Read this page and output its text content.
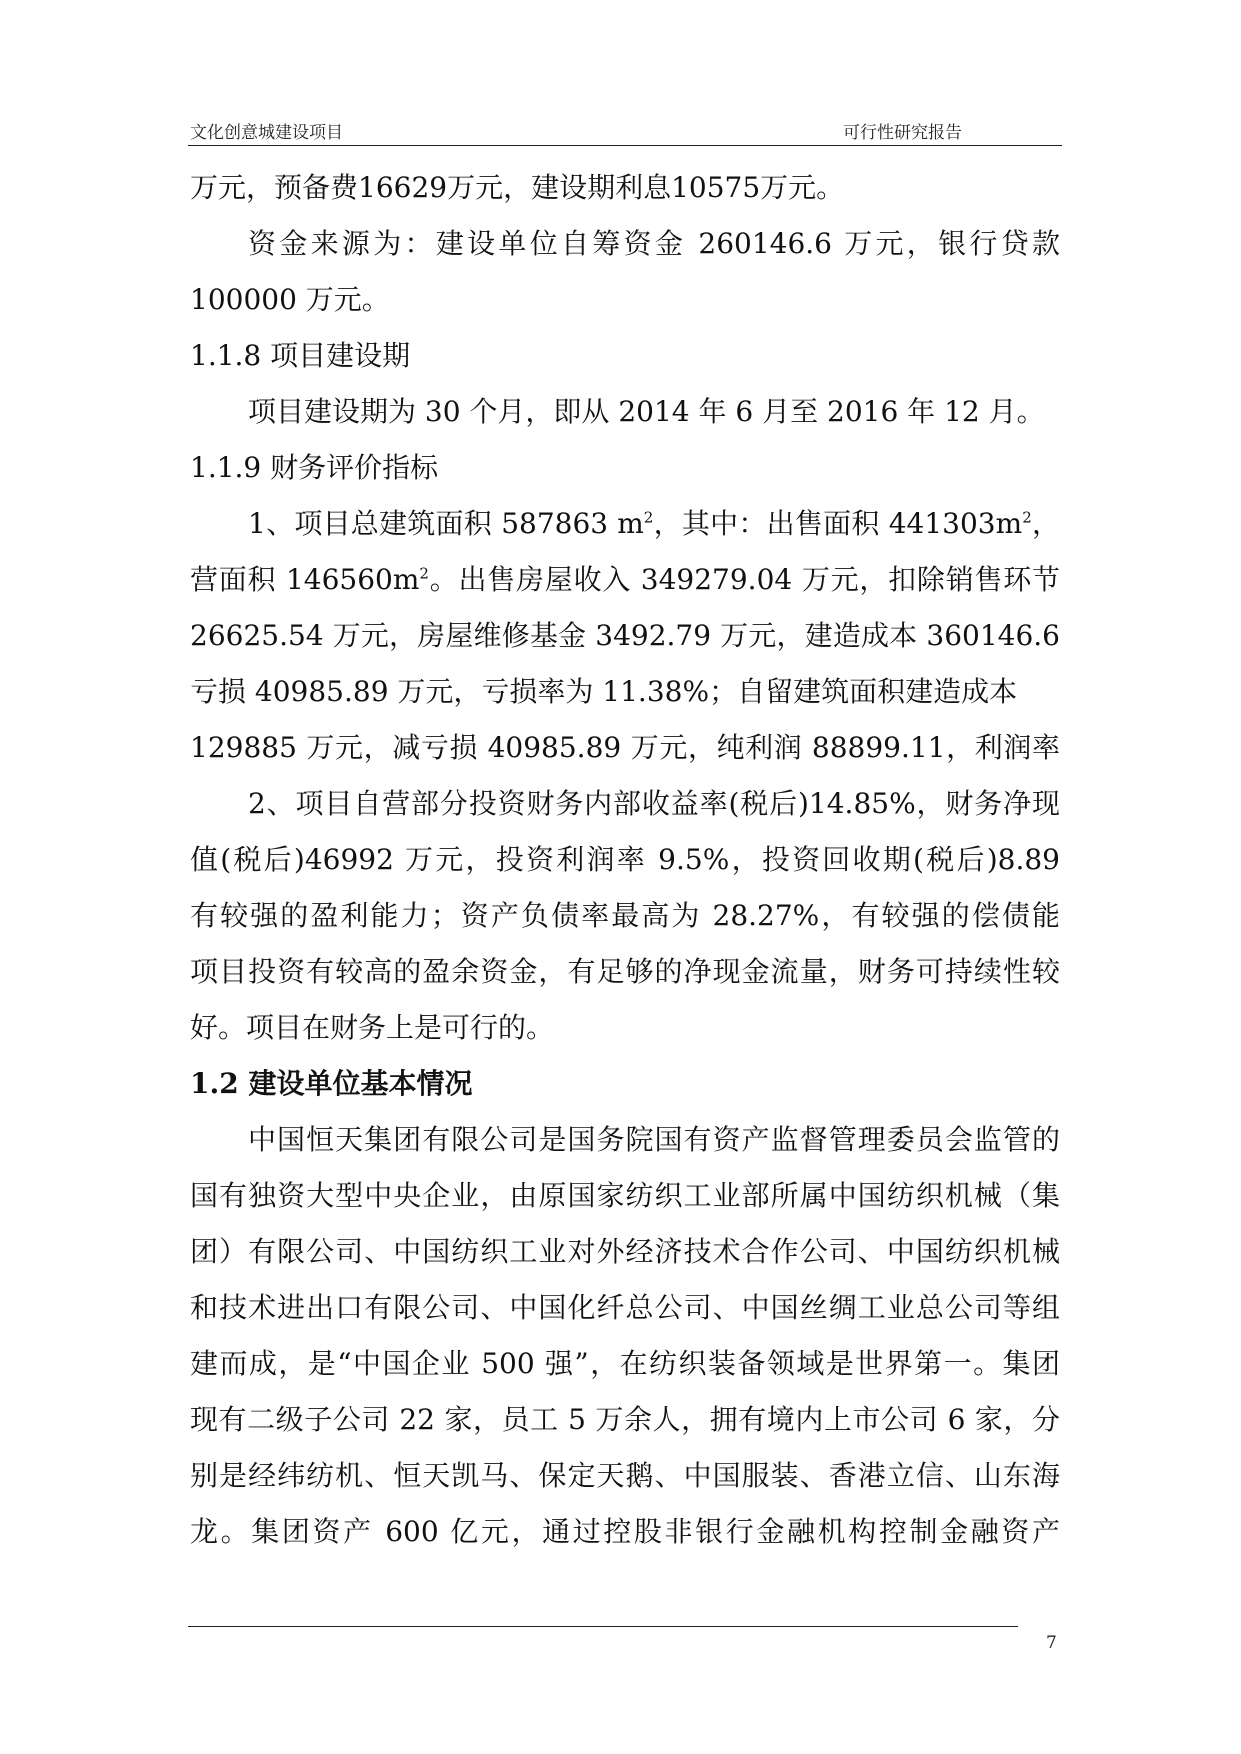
文化创意城建设项目	可行性研究报告
万元，预备费16629万元，建设期利息10575万元。
资金来源为：建设单位自筹资金 260146.6 万元，银行贷款
100000 万元。
1.1.8 项目建设期
项目建设期为 30 个月，即从 2014 年 6 月至 2016 年 12 月。
1.1.9 财务评价指标
1、项目总建筑面积 587863 $m^2$，其中：出售面积 $441303m^2$，
营面积 $146560m^2$。出售房屋收入 349279.04 万元，扣除销售环节
26625.54 万元，房屋维修基金 3492.79 万元，建造成本 360146.6
亏损 40985.89 万元，亏损率为 11.38%；自留建筑面积建造成本
129885 万元，减亏损 40985.89 万元，纯利润 88899.11，利润率
2、项目自营部分投资财务内部收益率(税后)14.85%，财务净现
值(税后)46992 万元，投资利润率 9.5%，投资回收期(税后)8.89
有较强的盈利能力；资产负债率最高为 28.27%，有较强的偿债能
项目投资有较高的盈余资金，有足够的净现金流量，财务可持续性较
好。项目在财务上是可行的。
1.2 建设单位基本情况
中国恒天集团有限公司是国务院国有资产监督管理委员会监管的
国有独资大型中央企业，由原国家纺织工业部所属中国纺织机械（集
团）有限公司、中国纺织工业对外经济技术合作公司、中国纺织机械
和技术进出口有限公司、中国化纤总公司、中国丝绸工业总公司等组
建而成，是“中国企业 500 强”，在纺织装备领域是世界第一。集团
现有二级子公司 22 家，员工 5 万余人，拥有境内上市公司 6 家，分
别是经纬纺机、恒天凯马、保定天鹅、中国服装、香港立信、山东海
龙。集团资产 600 亿元，通过控股非银行金融机构控制金融资产
7
